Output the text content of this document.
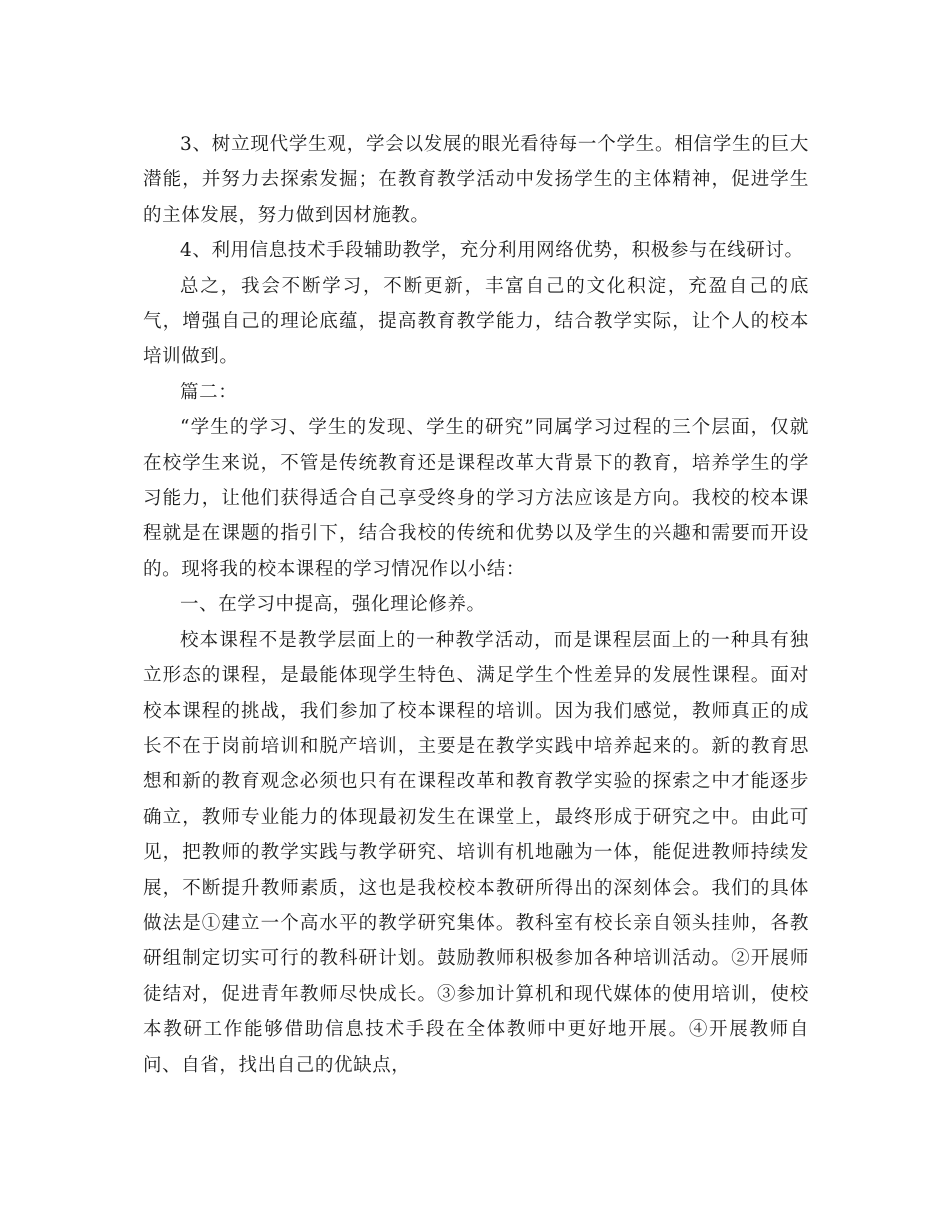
3、树立现代学生观，学会以发展的眼光看待每一个学生。相信学生的巨大潜能，并努力去探索发掘；在教育教学活动中发扬学生的主体精神，促进学生的主体发展，努力做到因材施教。

4、利用信息技术手段辅助教学，充分利用网络优势，积极参与在线研讨。

总之，我会不断学习，不断更新，丰富自己的文化积淀，充盈自己的底气，增强自己的理论底蕴，提高教育教学能力，结合教学实际，让个人的校本培训做到。

篇二：

“学生的学习、学生的发现、学生的研究”同属学习过程的三个层面，仅就在校学生来说，不管是传统教育还是课程改革大背景下的教育，培养学生的学习能力，让他们获得适合自己享受终身的学习方法应该是方向。我校的校本课程就是在课题的指引下，结合我校的传统和优势以及学生的兴趣和需要而开设的。现将我的校本课程的学习情况作以小结：

一、在学习中提高，强化理论修养。

校本课程不是教学层面上的一种教学活动，而是课程层面上的一种具有独立形态的课程，是最能体现学生特色、满足学生个性差异的发展性课程。面对校本课程的挑战，我们参加了校本课程的培训。因为我们感觉，教师真正的成长不在于岗前培训和脱产培训，主要是在教学实践中培养起来的。新的教育思想和新的教育观念必须也只有在课程改革和教育教学实验的探索之中才能逐步确立，教师专业能力的体现最初发生在课堂上，最终形成于研究之中。由此可见，把教师的教学实践与教学研究、培训有机地融为一体，能促进教师持续发展，不断提升教师素质，这也是我校校本教研所得出的深刻体会。我们的具体做法是①建立一个高水平的教学研究集体。教科室有校长亲自领头挂帅，各教研组制定切实可行的教科研计划。鼓励教师积极参加各种培训活动。②开展师徒结对，促进青年教师尽快成长。③参加计算机和现代媒体的使用培训，使校本教研工作能够借助信息技术手段在全体教师中更好地开展。④开展教师自问、自省，找出自己的优缺点，
